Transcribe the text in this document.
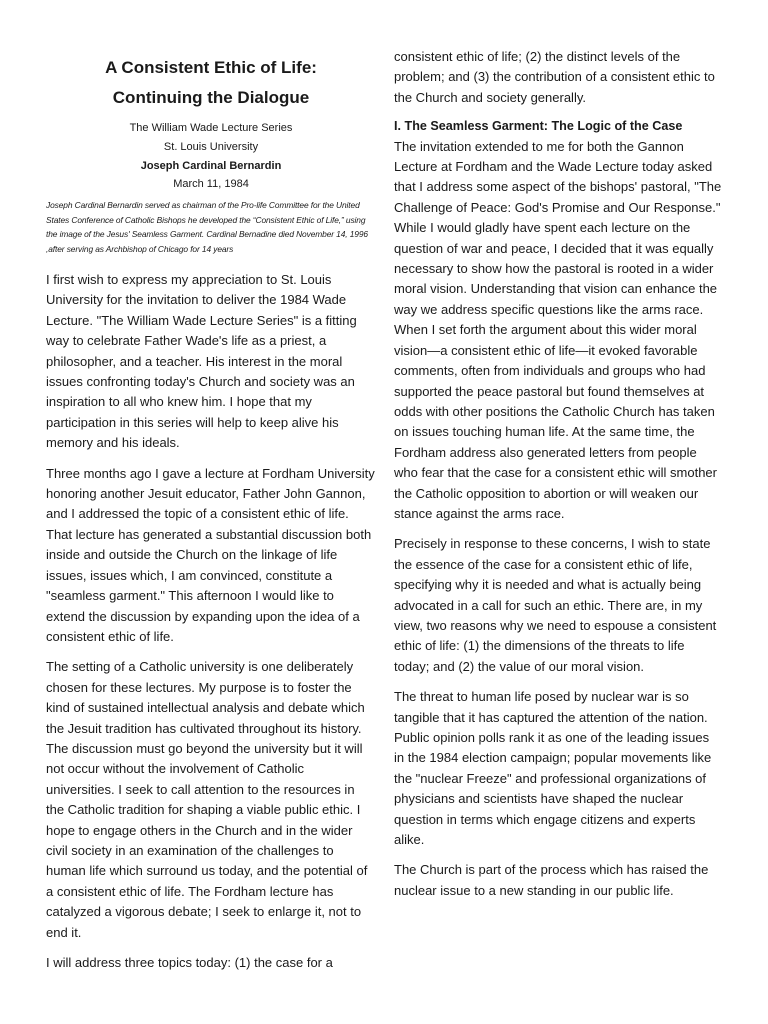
A Consistent Ethic of Life:
Continuing the Dialogue
The William Wade Lecture Series
St. Louis University
Joseph Cardinal Bernardin
March 11, 1984
Joseph Cardinal Bernardin served as chairman of the Pro-life Committee for the United States Conference of Catholic Bishops he developed the “Consistent Ethic of Life,” using the image of the Jesus' Seamless Garment. Cardinal Bernadine died November 14, 1996 ,after serving as Archbishop of Chicago for 14 years

I first wish to express my appreciation to St. Louis University for the invitation to deliver the 1984 Wade Lecture. "The William Wade Lecture Series" is a fitting way to celebrate Father Wade's life as a priest, a philosopher, and a teacher. His interest in the moral issues confronting today's Church and society was an inspiration to all who knew him. I hope that my participation in this series will help to keep alive his memory and his ideals.

Three months ago I gave a lecture at Fordham University honoring another Jesuit educator, Father John Gannon, and I addressed the topic of a consistent ethic of life. That lecture has generated a substantial discussion both inside and outside the Church on the linkage of life issues, issues which, I am convinced, constitute a "seamless garment." This afternoon I would like to extend the discussion by expanding upon the idea of a consistent ethic of life.

The setting of a Catholic university is one deliberately chosen for these lectures. My purpose is to foster the kind of sustained intellectual analysis and debate which the Jesuit tradition has cultivated throughout its history. The discussion must go beyond the university but it will not occur without the involvement of Catholic universities. I seek to call attention to the resources in the Catholic tradition for shaping a viable public ethic. I hope to engage others in the Church and in the wider civil society in an examination of the challenges to human life which surround us today, and the potential of a consistent ethic of life. The Fordham lecture has catalyzed a vigorous debate; I seek to enlarge it, not to end it.

I will address three topics today: (1) the case for a

consistent ethic of life; (2) the distinct levels of the problem; and (3) the contribution of a consistent ethic to the Church and society generally.

I. The Seamless Garment: The Logic of the Case

The invitation extended to me for both the Gannon Lecture at Fordham and the Wade Lecture today asked that I address some aspect of the bishops' pastoral, "The Challenge of Peace: God's Promise and Our Response." While I would gladly have spent each lecture on the question of war and peace, I decided that it was equally necessary to show how the pastoral is rooted in a wider moral vision. Understanding that vision can enhance the way we address specific questions like the arms race. When I set forth the argument about this wider moral vision—a consistent ethic of life—it evoked favorable comments, often from individuals and groups who had supported the peace pastoral but found themselves at odds with other positions the Catholic Church has taken on issues touching human life. At the same time, the Fordham address also generated letters from people who fear that the case for a consistent ethic will smother the Catholic opposition to abortion or will weaken our stance against the arms race.

Precisely in response to these concerns, I wish to state the essence of the case for a consistent ethic of life, specifying why it is needed and what is actually being advocated in a call for such an ethic. There are, in my view, two reasons why we need to espouse a consistent ethic of life: (1) the dimensions of the threats to life today; and (2) the value of our moral vision.

The threat to human life posed by nuclear war is so tangible that it has captured the attention of the nation. Public opinion polls rank it as one of the leading issues in the 1984 election campaign; popular movements like the "nuclear Freeze" and professional organizations of physicians and scientists have shaped the nuclear question in terms which engage citizens and experts alike.

The Church is part of the process which has raised the nuclear issue to a new standing in our public life.
